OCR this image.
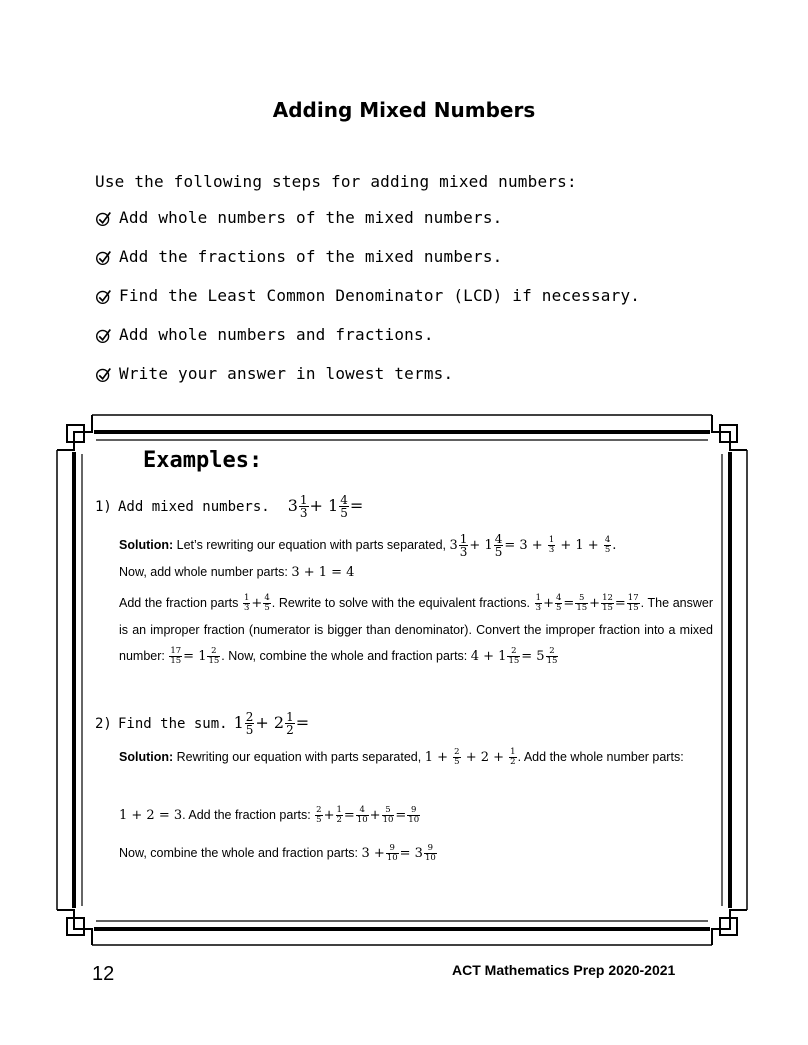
Adding Mixed Numbers
Use the following steps for adding mixed numbers:
Add whole numbers of the mixed numbers.
Add the fractions of the mixed numbers.
Find the Least Common Denominator (LCD) if necessary.
Add whole numbers and fractions.
Write your answer in lowest terms.
Examples:
1) Add mixed numbers. $3 \frac{1}{3} + 1 \frac{4}{5}$ =
Solution: Let’s rewriting our equation with parts separated, $3 \frac{1}{3} + 1 \frac{4}{5} = 3 + \frac{1}{3} + 1 + \frac{4}{5}$ .
Now, add whole number parts: 3 + 1 = 4
Add the fraction parts $\frac{1}{3} + \frac{4}{5}$ . Rewrite to solve with the equivalent fractions. $\frac{1}{3} + \frac{4}{5} = \frac{5}{15} + \frac{12}{15} = \frac{17}{15}$ . The answer is an improper fraction (numerator is bigger than denominator). Convert the improper fraction into a mixed number: $\frac{17}{15} = 1 \frac{2}{15}$ . Now, combine the whole and fraction parts: $4 + 1 \frac{2}{15} = 5 \frac{2}{15}$
2) Find the sum. $1 \frac{2}{5} + 2 \frac{1}{2}$ =
Solution: Rewriting our equation with parts separated, $1 + \frac{2}{5} + 2 + \frac{1}{2}$ . Add the whole number parts:
1 + 2 = 3. Add the fraction parts: $\frac{2}{5} + \frac{1}{2} = \frac{4}{10} + \frac{5}{10} = \frac{9}{10}$
Now, combine the whole and fraction parts: $3 + \frac{9}{10} = 3 \frac{9}{10}$
12	ACT Mathematics Prep 2020-2021
